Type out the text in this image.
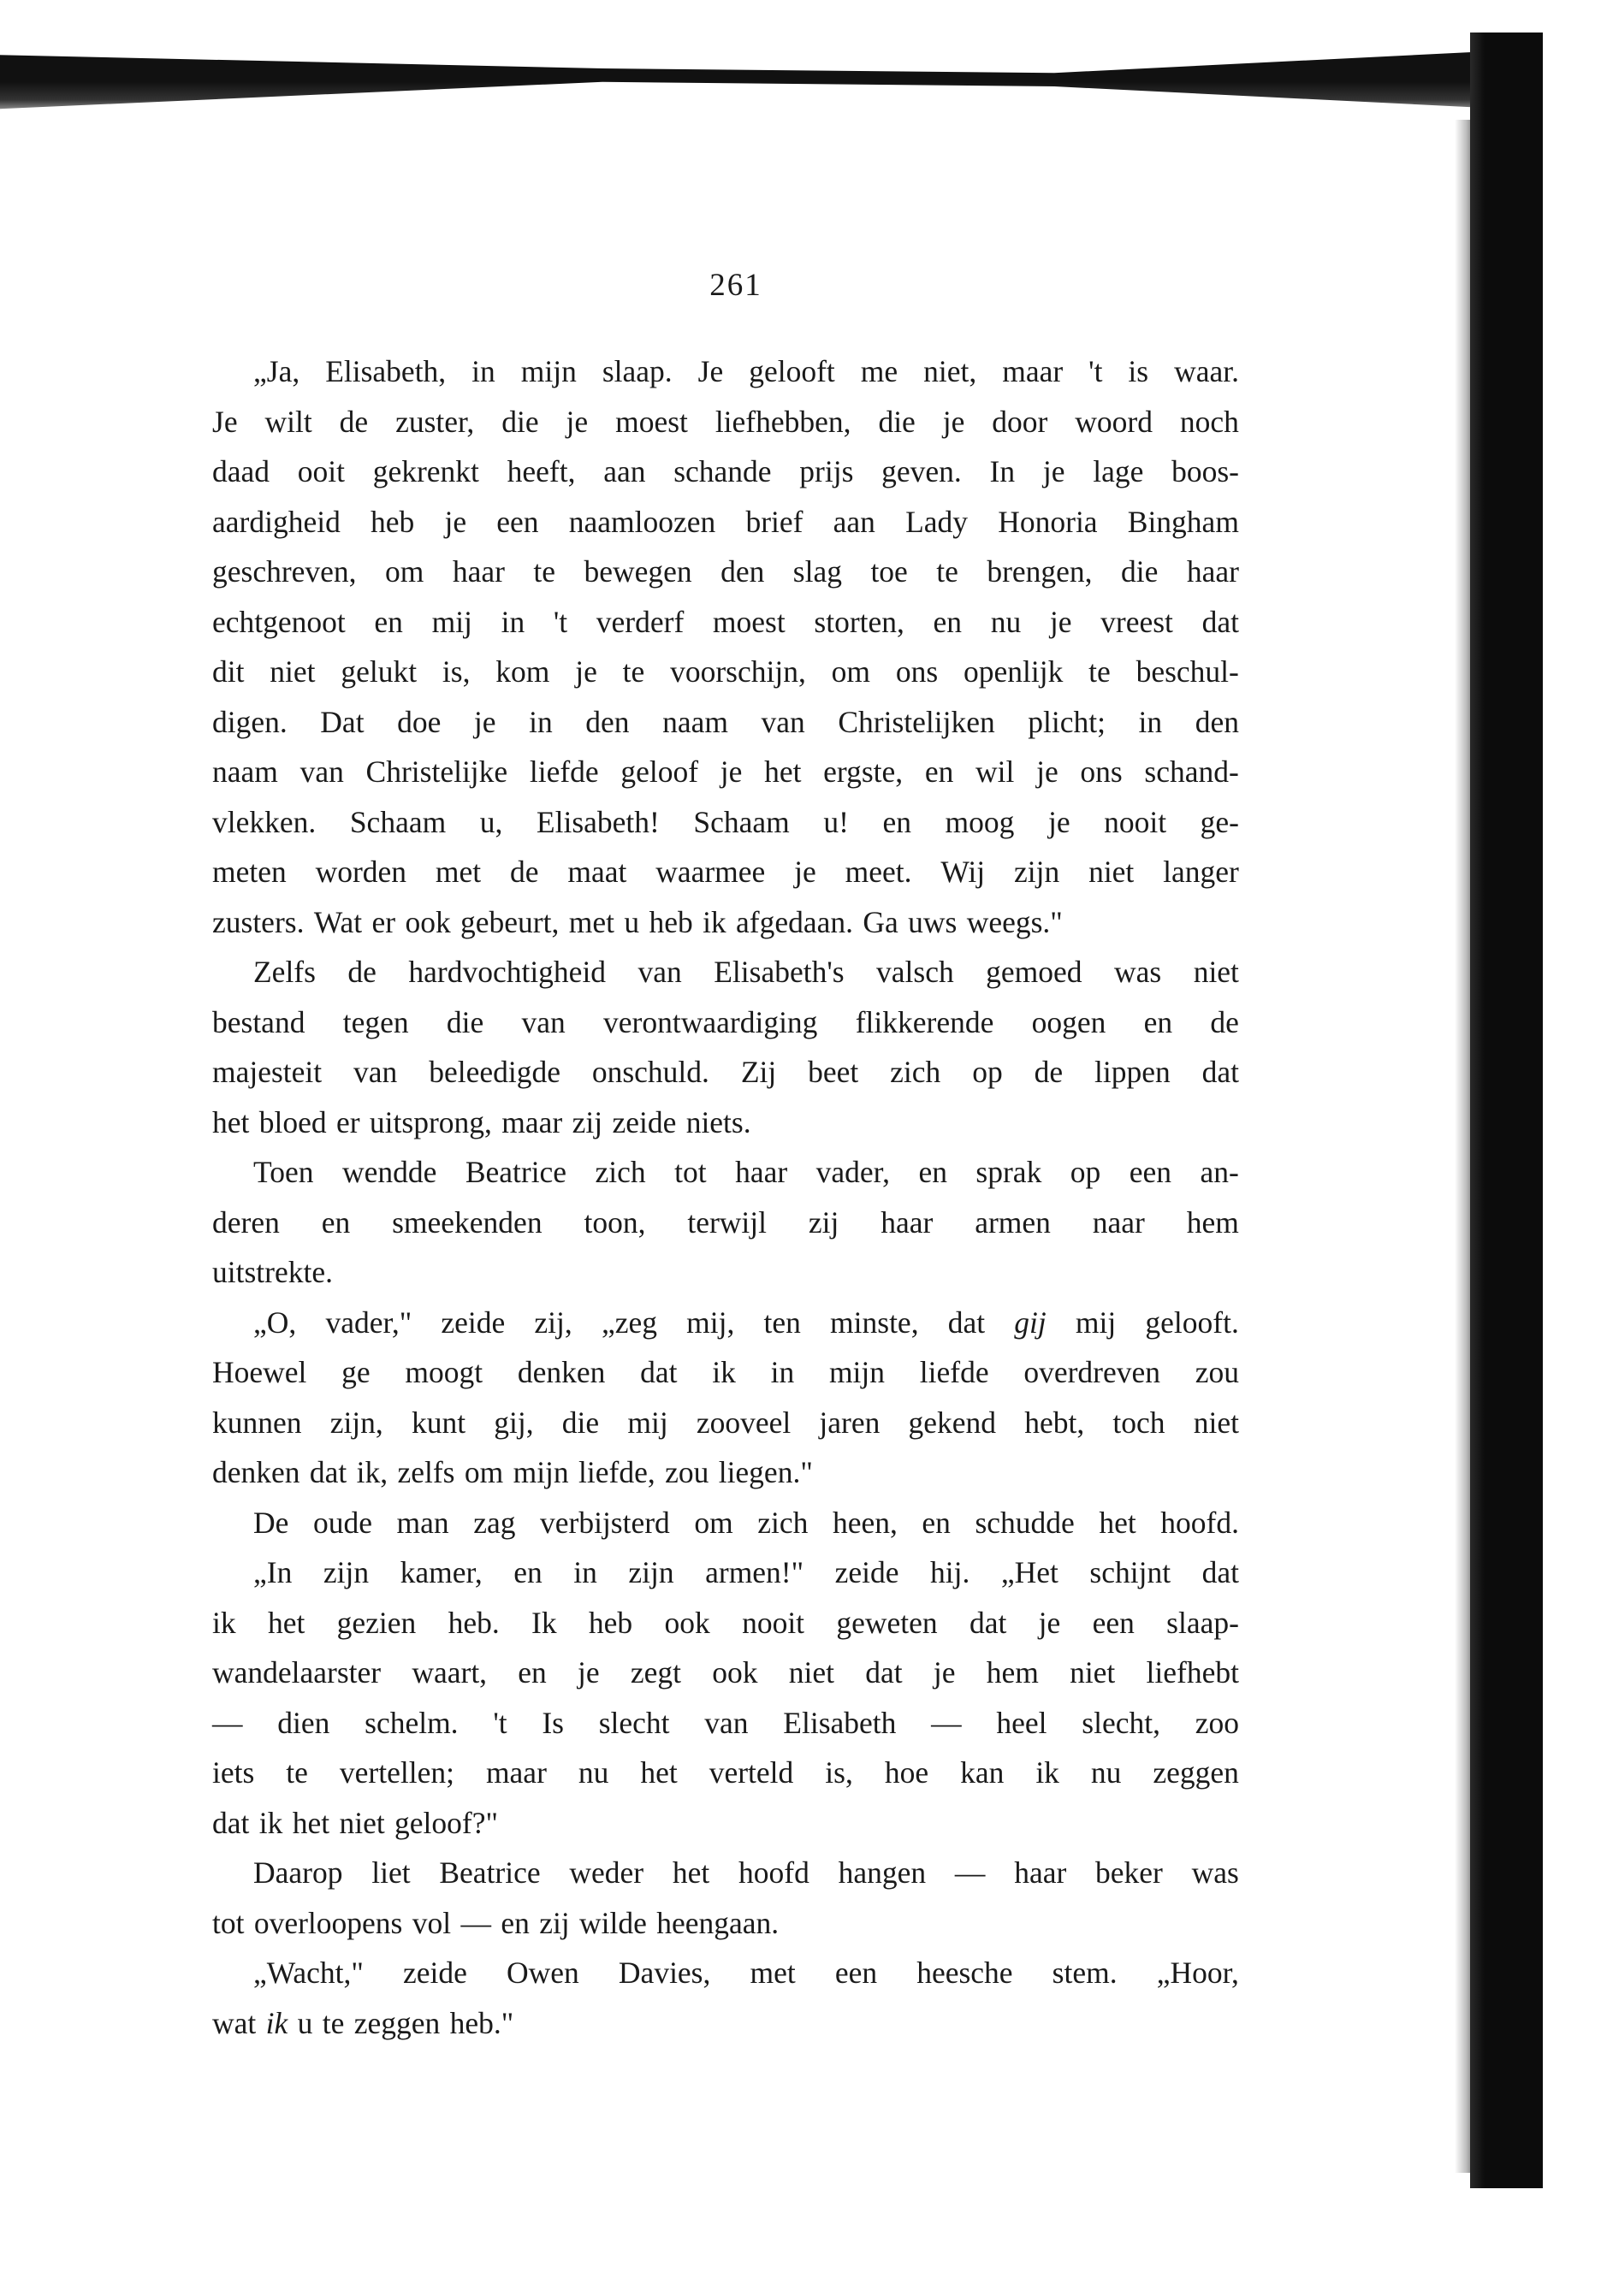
261
„Ja, Elisabeth, in mijn slaap. Je gelooft me niet, maar 't is waar.
Je wilt de zuster, die je moest liefhebben, die je door woord noch
daad ooit gekrenkt heeft, aan schande prijs geven. In je lage boos-
aardigheid heb je een naamloozen brief aan Lady Honoria Bingham
geschreven, om haar te bewegen den slag toe te brengen, die haar
echtgenoot en mij in 't verderf moest storten, en nu je vreest dat
dit niet gelukt is, kom je te voorschijn, om ons openlijk te beschul-
digen. Dat doe je in den naam van Christelijken plicht; in den
naam van Christelijke liefde geloof je het ergste, en wil je ons schand-
vlekken. Schaam u, Elisabeth! Schaam u! en moog je nooit ge-
meten worden met de maat waarmee je meet. Wij zijn niet langer
zusters. Wat er ook gebeurt, met u heb ik afgedaan. Ga uws weegs."
Zelfs de hardvochtigheid van Elisabeth's valsch gemoed was niet
bestand tegen die van verontwaardiging flikkerende oogen en de
majesteit van beleedigde onschuld. Zij beet zich op de lippen dat
het bloed er uitsprong, maar zij zeide niets.
Toen wendde Beatrice zich tot haar vader, en sprak op een an-
deren en smeekenden toon, terwijl zij haar armen naar hem
uitstrekte.
„O, vader," zeide zij, „zeg mij, ten minste, dat gij mij gelooft.
Hoewel ge moogt denken dat ik in mijn liefde overdreven zou
kunnen zijn, kunt gij, die mij zooveel jaren gekend hebt, toch niet
denken dat ik, zelfs om mijn liefde, zou liegen."
De oude man zag verbijsterd om zich heen, en schudde het hoofd.
„In zijn kamer, en in zijn armen!" zeide hij. „Het schijnt dat
ik het gezien heb. Ik heb ook nooit geweten dat je een slaap-
wandelaarster waart, en je zegt ook niet dat je hem niet liefhebt
— dien schelm. 't Is slecht van Elisabeth — heel slecht, zoo
iets te vertellen; maar nu het verteld is, hoe kan ik nu zeggen
dat ik het niet geloof?"
Daarop liet Beatrice weder het hoofd hangen — haar beker was
tot overloopens vol — en zij wilde heengaan.
„Wacht," zeide Owen Davies, met een heesche stem. „Hoor,
wat ik u te zeggen heb."
